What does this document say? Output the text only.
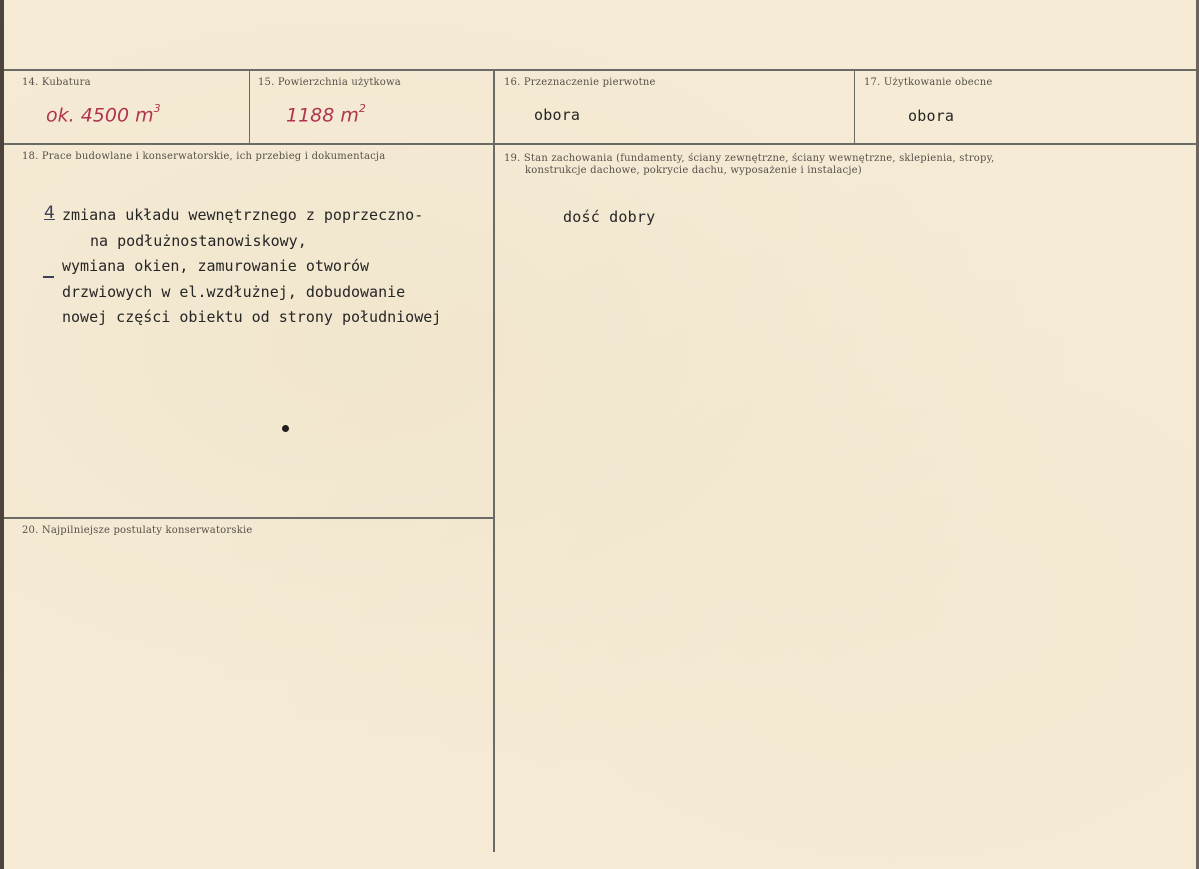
14. Kubatura
ok. 4500 $m^3$
15. Powierzchnia użytkowa
1188 $m^2$
16. Przeznaczenie pierwotne
obora
17. Użytkowanie obecne
obora
18. Prace budowlane i konserwatorskie, ich przebieg i dokumentacja
4 zmiana układu wewnętrznego z poprzeczno-
na podłużnostanowiskowy,
wymiana okien, zamurowanie otworów
drzwiowych w el.wzdłużnej, dobudowanie
nowej części obiektu od strony południowej
19. Stan zachowania (fundamenty, ściany zewnętrzne, ściany wewnętrzne, sklepienia, stropy,
konstrukcje dachowe, pokrycie dachu, wyposażenie i instalacje)
dość dobry
20. Najpilniejsze postulaty konserwatorskie
